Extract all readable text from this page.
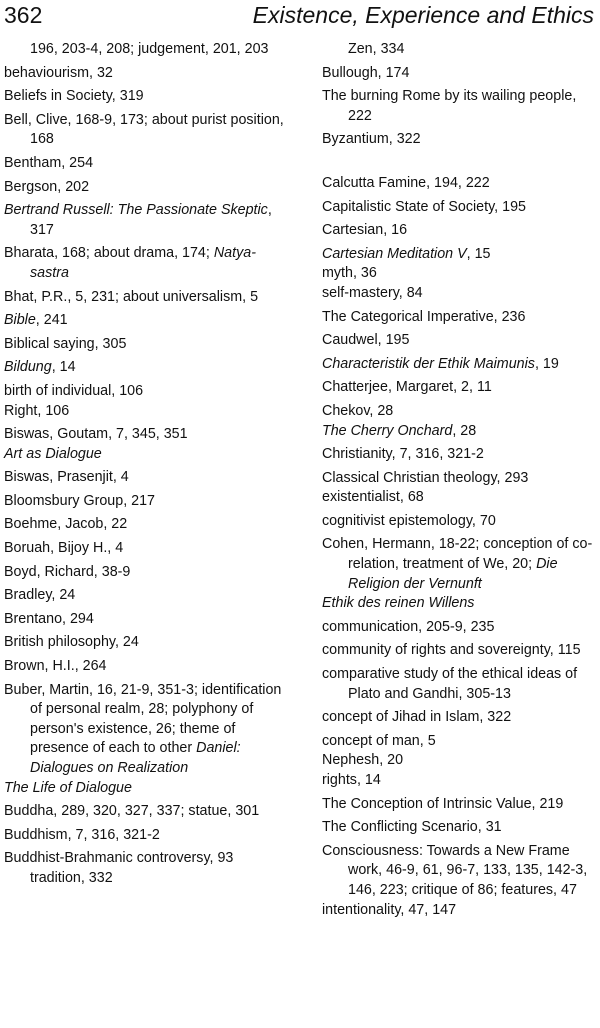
362	Existence, Experience and Ethics
196, 203-4, 208; judgement, 201, 203
behaviourism, 32
Beliefs in Society, 319
Bell, Clive, 168-9, 173; about purist position, 168
Bentham, 254
Bergson, 202
Bertrand Russell: The Passionate Skeptic, 317
Bharata, 168; about drama, 174; Natya-sastra
Bhat, P.R., 5, 231; about universalism, 5
Bible, 241
Biblical saying, 305
Bildung, 14
birth of individual, 106
Right, 106
Biswas, Goutam, 7, 345, 351
Art as Dialogue
Biswas, Prasenjit, 4
Bloomsbury Group, 217
Boehme, Jacob, 22
Boruah, Bijoy H., 4
Boyd, Richard, 38-9
Bradley, 24
Brentano, 294
British philosophy, 24
Brown, H.I., 264
Buber, Martin, 16, 21-9, 351-3; identification of personal realm, 28; polyphony of person's existence, 26; theme of presence of each to other Daniel: Dialogues on Realization
The Life of Dialogue
Buddha, 289, 320, 327, 337; statue, 301
Buddhism, 7, 316, 321-2
Buddhist-Brahmanic controversy, 93 tradition, 332
Zen, 334
Bullough, 174
The burning Rome by its wailing people, 222
Byzantium, 322
Calcutta Famine, 194, 222
Capitalistic State of Society, 195
Cartesian, 16
Cartesian Meditation V, 15
myth, 36
self-mastery, 84
The Categorical Imperative, 236
Caudwel, 195
Characteristik der Ethik Maimunis, 19
Chatterjee, Margaret, 2, 11
Chekov, 28
The Cherry Onchard, 28
Christianity, 7, 316, 321-2
Classical Christian theology, 293
existentialist, 68
cognitivist epistemology, 70
Cohen, Hermann, 18-22; conception of co-relation, treatment of We, 20; Die Religion der Vernunft
Ethik des reinen Willens
communication, 205-9, 235
community of rights and sovereignty, 115
comparative study of the ethical ideas of Plato and Gandhi, 305-13
concept of Jihad in Islam, 322
concept of man, 5
Nephesh, 20
rights, 14
The Conception of Intrinsic Value, 219
The Conflicting Scenario, 31
Consciousness: Towards a New Frame work, 46-9, 61, 96-7, 133, 135, 142-3, 146, 223; critique of 86; features, 47
intentionality, 47, 147
